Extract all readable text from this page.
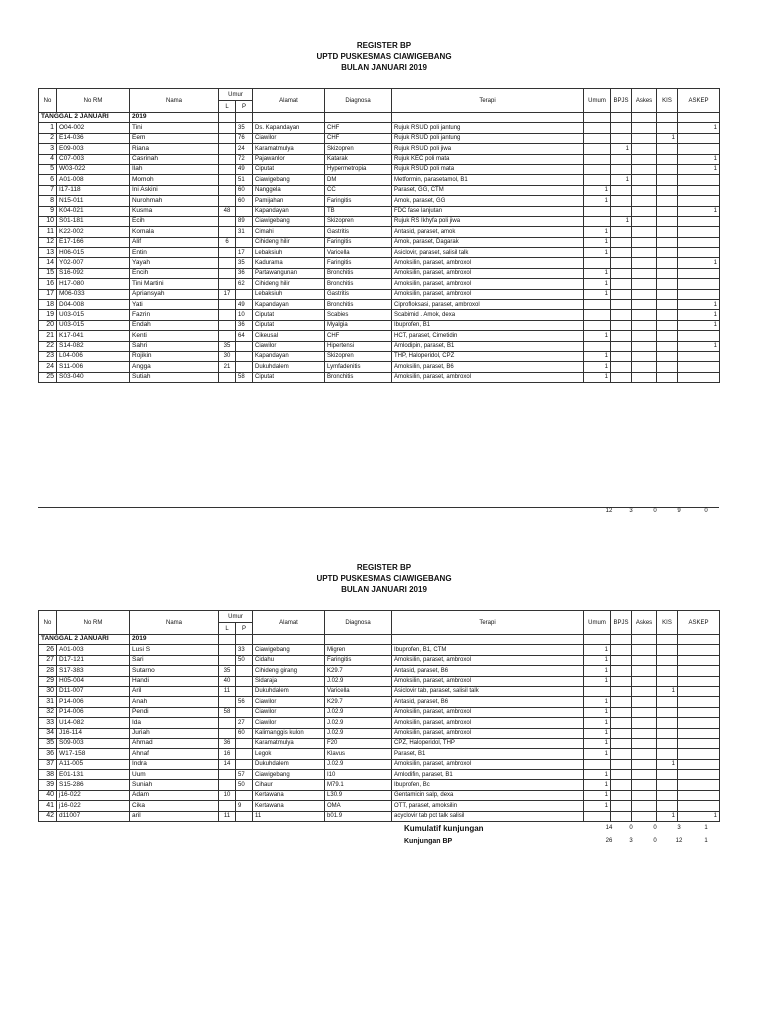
REGISTER BP
UPTD PUSKESMAS CIAWIGEBANG
BULAN JANUARI 2019
No	No RM	Nama	Umur		Alamat	Diagnosa	Terapi	Umum	BPJS	Askes	KIS	ASKEP
			L	P								
TANGGAL 2 JANUARI		2019										
1	O04-002	Tini		35	Ds. Kapandayan	CHF	Rujuk RSUD poli jantung					1
2	E14-036	Eem		76	Ciawilor	CHF	Rujuk RSUD poli jantung				1	
3	E09-003	Riana		24	Karamatmulya	Skizopren	Rujuk RSUD poli jiwa		1			
4	C07-003	Casrinah		72	Pajawanlor	Katarak	Rujuk KEC poli mata					1
5	W03-022	Ilah		49	Ciputat	Hypermetropia	Rujuk RSUD poli mata					1
6	A01-008	Momoh		51	Ciawigebang	DM	Metformin, parasetamol, B1		1			
7	I17-118	Ini Askini		60	Nanggela	CC	Paraset, GG, CTM	1				
8	N15-011	Nurohmah		60	Pamijahan	Faringitis	Amok, paraset, GG	1				
9	K04-021	Kusma	48		Kapandayan	TB	FDC fase lanjutan					1
10	S01-181	Ecih		89	Ciawigebang	Skizopren	Rujuk RS Ikhyfa poli jiwa		1			
11	K22-002	Komala		31	Cimahi	Gastritis	Antasid, paraset, amok	1				
12	E17-166	Alif	6		Cihideng hilir	Faringitis	Amok, paraset, Dagarak	1				
13	H06-015	Entin		17	Lebaksiuh	Varicella	Asiclovir, paraset, salisil talk	1				
14	Y02-007	Yayah		35	Kadurama	Faringitis	Amoksilin, paraset, ambroxol					1
15	S16-092	Encih		36	Partawangunan	Bronchitis	Amoksilin, paraset, ambroxol	1				
16	H17-080	Tini Martini		62	Cihideng hilir	Bronchitis	Amoksilin, paraset, ambroxol	1				
17	M06-033	Apriansyah	17		Lebaksiuh	Gastritis	Amoksilin, paraset, ambroxol	1				
18	D04-008	Yati		49	Kapandayan	Bronchitis	Ciprofloksasi, paraset, ambroxol					1
19	U03-015	Fazrin		10	Ciputat	Scabies	Scabimid . Amok, dexa					1
20	U03-015	Endah		36	Ciputat	Myalgia	Ibuprofen, B1					1
21	K17-041	Kenti		64	Cikeusal	CHF	HCT, paraset, Cimetidin	1				
22	S14-082	Sahri	35		Ciawilor	Hipertensi	Amlodipin, paraset, B1					1
23	L04-006	Rojikin	30		Kapandayan	Skizopren	THP, Haloperidol, CPZ	1				
24	S11-006	Angga	21		Dukuhdalem	Lymfadenitis	Amoksilin, paraset, B6	1				
25	S03-040	Sutiah		58	Ciputat	Bronchitis	Amoksilin, paraset, ambroxol	1				
12	3	0	9	0
REGISTER BP
UPTD PUSKESMAS CIAWIGEBANG
BULAN JANUARI 2019
No	No RM	Nama	Umur		Alamat	Diagnosa	Terapi	Umum	BPJS	Askes	KIS	ASKEP
			L	P								
TANGGAL 2 JANUARI		2019										
26	A01-003	Lusi S		33	Ciawigebang	Migren	Ibuprofen, B1, CTM	1				
27	D17-121	Sari		50	Cidahu	Faringitis	Amoksilin, paraset, ambroxol	1				
28	S17-383	Sutarno	35		Cihideng girang	K29.7	Antasid, paraset, B6	1				
29	H05-004	Handi	40		Sidaraja	J.02.9	Amoksilin, paraset, ambroxol	1				
30	D11-007	Aril	11		Dukuhdalem	Varicella	Asiclovir tab, paraset, salisil talk				1	
31	P14-006	Anah		56	Ciawilor	K29.7	Antasid, paraset, B6	1				
32	P14-006	Pendi	58		Ciawilor	J.02.9	Amoksilin, paraset, ambroxol	1				
33	U14-082	Ida		27	Ciawilor	J.02.9	Amoksilin, paraset, ambroxol	1				
34	J16-114	Juriah		60	Kalimanggis kulon	J.02.9	Amoksilin, paraset, ambroxol	1				
35	S09-003	Ahmad	36		Karamatmulya	F20	CPZ, Haloperidol, THP	1				
36	W17-158	Ahnaf	16		Legok	Klavus	Paraset, B1	1				
37	A11-005	Indra	14		Dukuhdalem	J.02.9	Amoksilin, paraset, ambroxol				1	
38	E01-131	Uum		57	Ciawigebang	I10	Amlodifin, paraset, B1	1				
39	S15-286	Suniah		50	Cihaur	M79.1	Ibuprofen, Bc	1				
40	j16-022	Adam	10		Kertawana	L30.9	Gentamicin salp, dexa	1				
41	j16-022	Cika		9	Kertawana	OMA	OTT, paraset, amoksilin	1				
42	d11007	aril	11		11	b01.9	acyclovir tab pct talk salisil				1	1
Kumulatif kunjungan	14	0	0	3	1
Kunjungan BP	26	3	0	12	1
